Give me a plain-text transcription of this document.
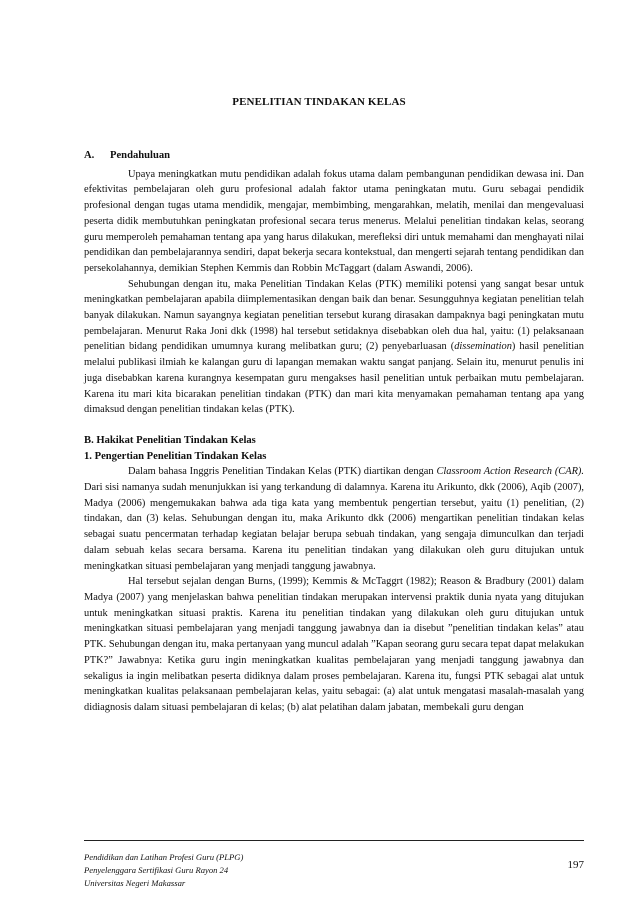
PENELITIAN TINDAKAN KELAS
A. Pendahuluan

Upaya meningkatkan mutu pendidikan adalah fokus utama dalam pembangunan pendidikan dewasa ini. Dan efektivitas pembelajaran oleh guru profesional adalah faktor utama peningkatan mutu. Guru sebagai pendidik profesional dengan tugas utama mendidik, mengajar, membimbing, mengarahkan, melatih, menilai dan mengevaluasi peserta didik membutuhkan peningkatan profesional secara terus menerus. Melalui penelitian tindakan kelas, seorang guru memperoleh pemahaman tentang apa yang harus dilakukan, merefleksi diri untuk memahami dan menghayati nilai pendidikan dan pembelajarannya sendiri, dapat bekerja secara kontekstual, dan mengerti sejarah tentang pendidikan dan persekolahannya, demikian Stephen Kemmis dan Robbin McTaggart (dalam Aswandi, 2006).

Sehubungan dengan itu, maka Penelitian Tindakan Kelas (PTK) memiliki potensi yang sangat besar untuk meningkatkan pembelajaran apabila diimplementasikan dengan baik dan benar. Sesungguhnya kegiatan penelitian telah banyak dilakukan. Namun sayangnya kegiatan penelitian tersebut kurang dirasakan dampaknya bagi peningkatan mutu pembelajaran. Menurut Raka Joni dkk (1998) hal tersebut setidaknya disebabkan oleh dua hal, yaitu: (1) pelaksanaan penelitian bidang pendidikan umumnya kurang melibatkan guru; (2) penyebarluasan (dissemination) hasil penelitian melalui publikasi ilmiah ke kalangan guru di lapangan memakan waktu sangat panjang. Selain itu, menurut penulis ini juga disebabkan karena kurangnya kesempatan guru mengakses hasil penelitian untuk perbaikan mutu pembelajaran. Karena itu mari kita bicarakan penelitian tindakan (PTK) dan mari kita menyamakan pemahaman tentang apa yang dimaksud dengan penelitian tindakan kelas (PTK).

B. Hakikat Penelitian Tindakan Kelas
1. Pengertian Penelitian Tindakan Kelas

Dalam bahasa Inggris Penelitian Tindakan Kelas (PTK) diartikan dengan Classroom Action Research (CAR). Dari sisi namanya sudah menunjukkan isi yang terkandung di dalamnya. Karena itu Arikunto, dkk (2006), Aqib (2007), Madya (2006) mengemukakan bahwa ada tiga kata yang membentuk pengertian tersebut, yaitu (1) penelitian, (2) tindakan, dan (3) kelas. Sehubungan dengan itu, maka Arikunto dkk (2006) mengartikan penelitian tindakan kelas sebagai suatu pencermatan terhadap kegiatan belajar berupa sebuah tindakan, yang sengaja dimunculkan dan terjadi dalam sebuah kelas secara bersama. Karena itu penelitian tindakan yang dilakukan oleh guru ditujukan untuk meningkatkan situasi pembelajaran yang menjadi tanggung jawabnya.

Hal tersebut sejalan dengan Burns, (1999); Kemmis & McTaggrt (1982); Reason & Bradbury (2001) dalam Madya (2007) yang menjelaskan bahwa penelitian tindakan merupakan intervensi praktik dunia nyata yang ditujukan untuk meningkatkan situasi praktis. Karena itu penelitian tindakan yang dilakukan oleh guru ditujukan untuk meningkatkan situasi pembelajaran yang menjadi tanggung jawabnya dan ia disebut ”penelitian tindakan kelas” atau PTK. Sehubungan dengan itu, maka pertanyaan yang muncul adalah ”Kapan seorang guru secara tepat dapat melakukan PTK?” Jawabnya: Ketika guru ingin meningkatkan kualitas pembelajaran yang menjadi tanggung jawabnya dan sekaligus ia ingin melibatkan peserta didiknya dalam proses pembelajaran. Karena itu, fungsi PTK sebagai alat untuk meningkatkan kualitas pelaksanaan pembelajaran kelas, yaitu sebagai: (a) alat untuk mengatasi masalah-masalah yang didiagnosis dalam situasi pembelajaran di kelas; (b) alat pelatihan dalam jabatan, membekali guru dengan

Pendidikan dan Latihan Profesi Guru (PLPG)
Penyelenggara Sertifikasi Guru Rayon 24
Universitas Negeri Makassar
197
